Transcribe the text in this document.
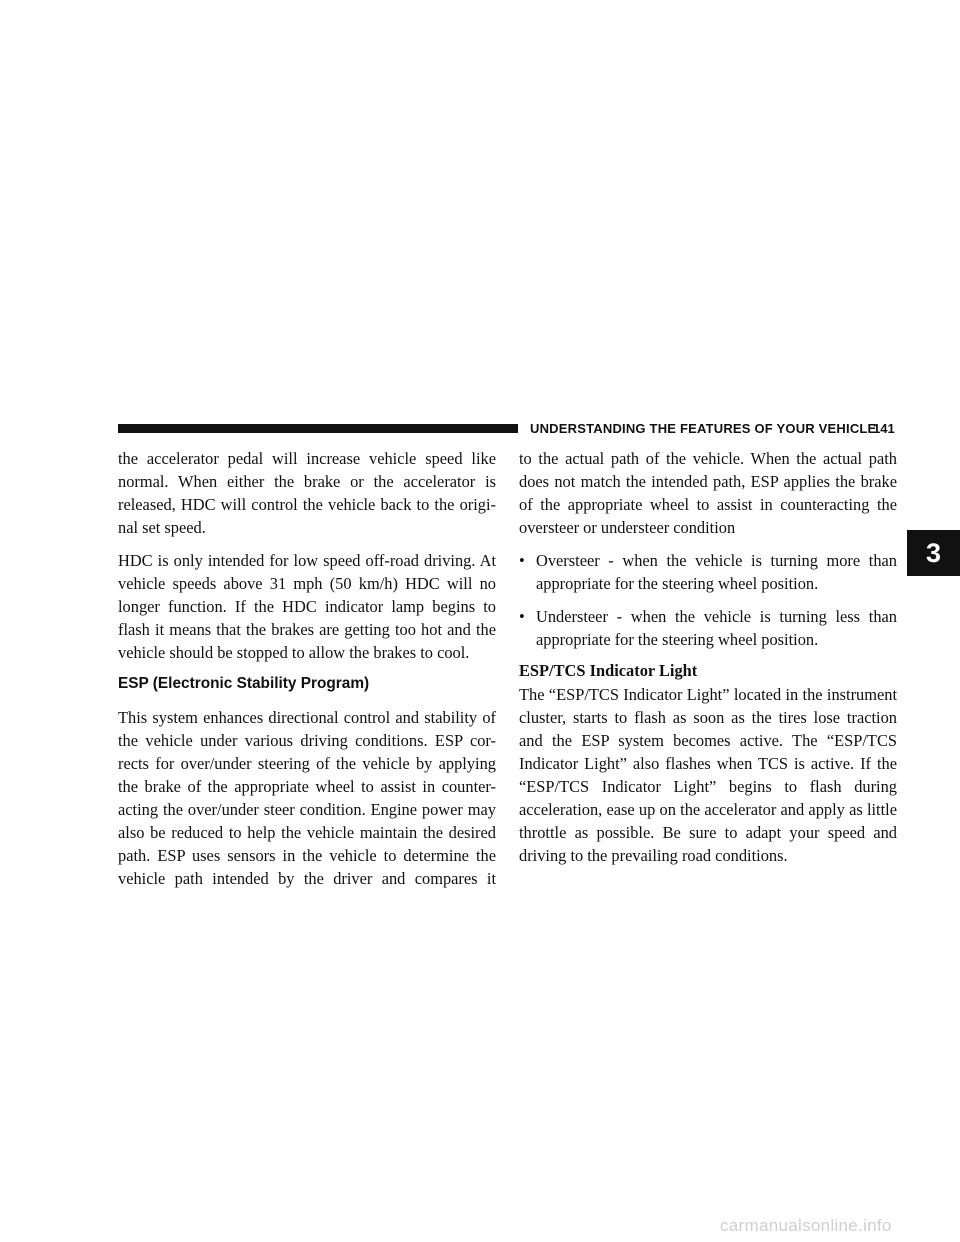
UNDERSTANDING THE FEATURES OF YOUR VEHICLE
141

the accelerator pedal will increase vehicle speed like normal. When either the brake or the accelerator is released, HDC will control the vehicle back to the origi-nal set speed.

HDC is only intended for low speed off-road driving. At vehicle speeds above 31 mph (50 km/h) HDC will no longer function. If the HDC indicator lamp begins to flash it means that the brakes are getting too hot and the vehicle should be stopped to allow the brakes to cool.

ESP (Electronic Stability Program)

This system enhances directional control and stability of the vehicle under various driving conditions. ESP cor-rects for over/under steering of the vehicle by applying the brake of the appropriate wheel to assist in counter-acting the over/under steer condition. Engine power may also be reduced to help the vehicle maintain the desired path. ESP uses sensors in the vehicle to determine the vehicle path intended by the driver and compares it

to the actual path of the vehicle. When the actual path does not match the intended path, ESP applies the brake of the appropriate wheel to assist in counteracting the oversteer or understeer condition

• Oversteer - when the vehicle is turning more than appropriate for the steering wheel position.
• Understeer - when the vehicle is turning less than appropriate for the steering wheel position.
ESP/TCS Indicator Light

The “ESP/TCS Indicator Light” located in the instrument cluster, starts to flash as soon as the tires lose traction and the ESP system becomes active. The “ESP/TCS Indicator Light” also flashes when TCS is active. If the “ESP/TCS Indicator Light” begins to flash during acceleration, ease up on the accelerator and apply as little throttle as possible. Be sure to adapt your speed and driving to the prevailing road conditions.

3
carmanualsonline.info
